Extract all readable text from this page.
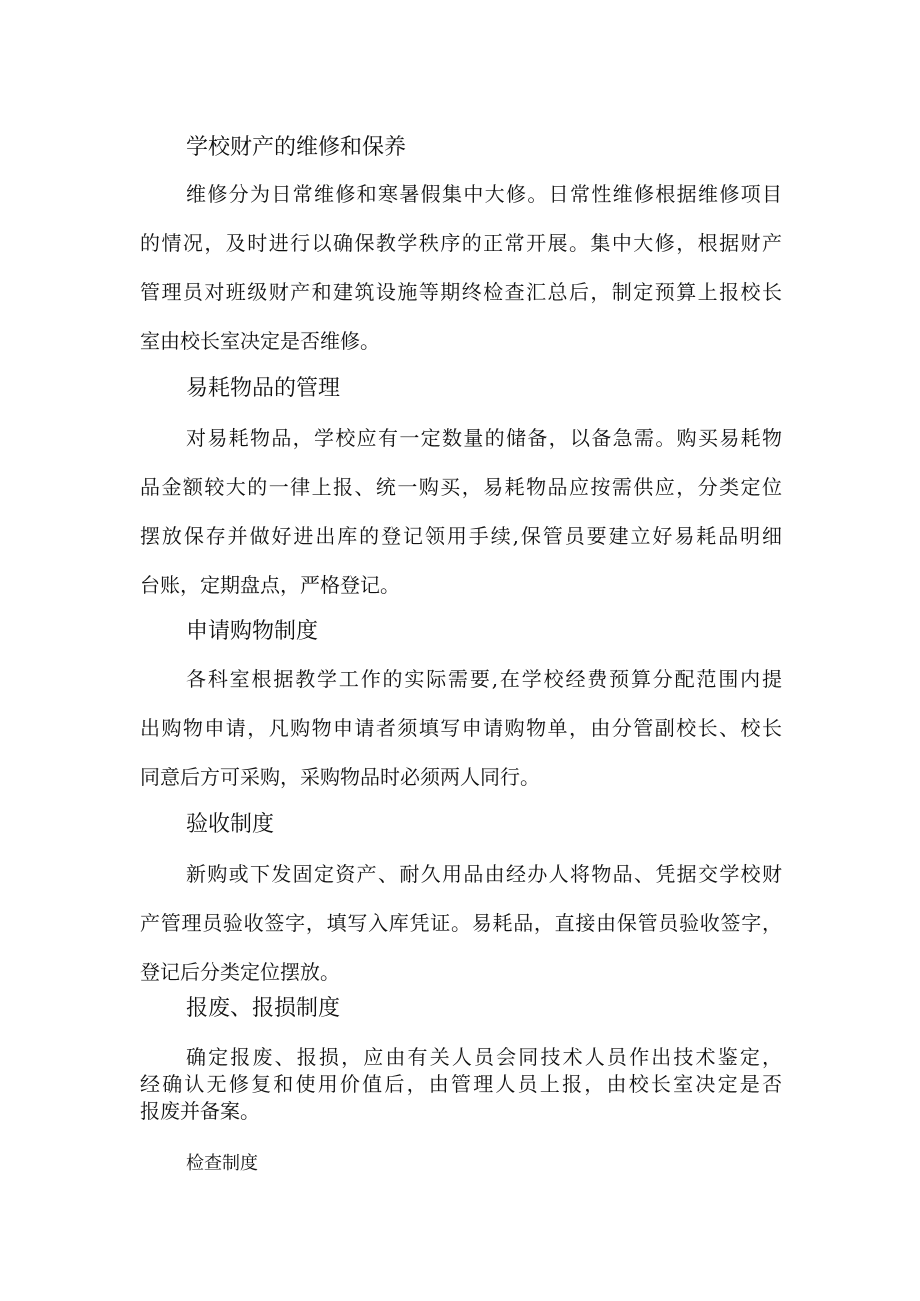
学校财产的维修和保养
维修分为日常维修和寒暑假集中大修。日常性维修根据维修项目
的情况，及时进行以确保教学秩序的正常开展。集中大修，根据财产
管理员对班级财产和建筑设施等期终检查汇总后，制定预算上报校长
室由校长室决定是否维修。
易耗物品的管理
对易耗物品，学校应有一定数量的储备，以备急需。购买易耗物
品金额较大的一律上报、统一购买，易耗物品应按需供应，分类定位
摆放保存并做好进出库的登记领用手续,保管员要建立好易耗品明细
台账，定期盘点，严格登记。
申请购物制度
各科室根据教学工作的实际需要,在学校经费预算分配范围内提
出购物申请，凡购物申请者须填写申请购物单，由分管副校长、校长
同意后方可采购，采购物品时必须两人同行。
验收制度
新购或下发固定资产、耐久用品由经办人将物品、凭据交学校财
产管理员验收签字，填写入库凭证。易耗品，直接由保管员验收签字，
登记后分类定位摆放。
报废、报损制度
确定报废、报损，应由有关人员会同技术人员作出技术鉴定，
经确认无修复和使用价值后，由管理人员上报，由校长室决定是否
报废并备案。
检查制度
